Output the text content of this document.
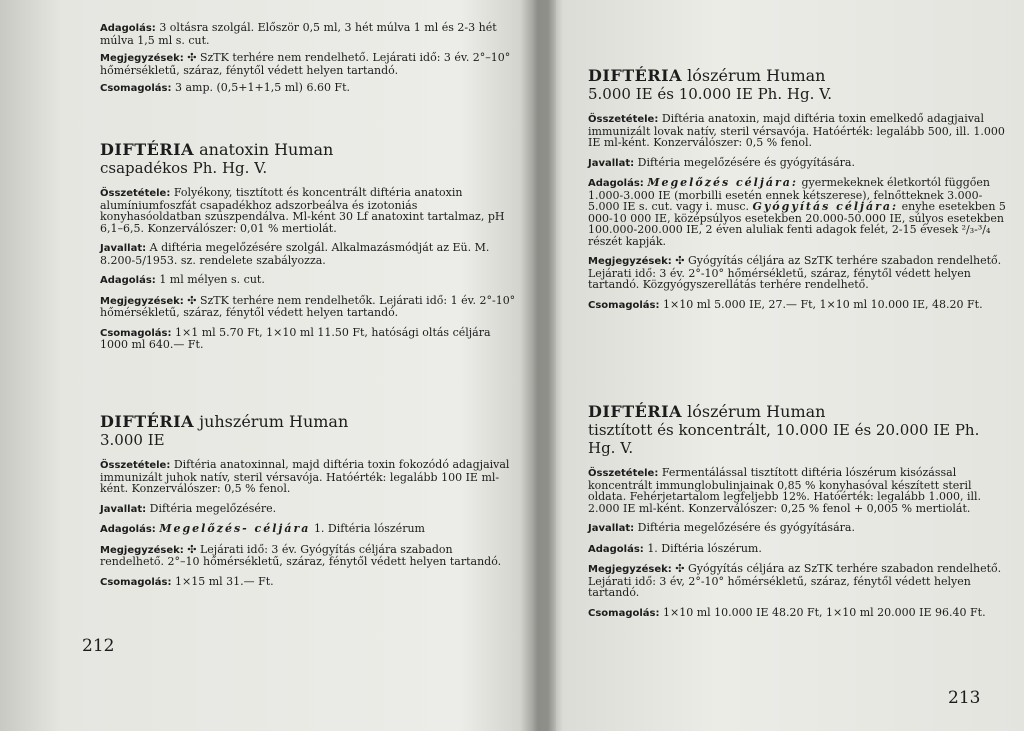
Adagolás: 3 oltásra szolgál. Először 0,5 ml, 3 hét múlva 1 ml és 2-3 hét múlva 1,5 ml s. cut.
Megjegyzések: ✣ SzTK terhére nem rendelhető. Lejárati idő: 3 év. 2°–10° hőmérsékletű, száraz, fénytől védett helyen tartandó.
Csomagolás: 3 amp. (0,5+1+1,5 ml) 6.60 Ft.
DIFTÉRIA anatoxin Human
csapadékos Ph. Hg. V.
Összetétele: Folyékony, tisztított és koncentrált diftéria anatoxin alumíniumfoszfát csapadékhoz adszorbeálva és izotoniás konyhasóoldatban szuszpendálva. Ml-ként 30 Lf anatoxint tartalmaz, pH 6,1–6,5. Konzerválószer: 0,01 % mertiolát.
Javallat: A diftéria megelőzésére szolgál. Alkalmazásmódját az Eü. M. 8.200-5/1953. sz. rendelete szabályozza.
Adagolás: 1 ml mélyen s. cut.
Megjegyzések: ✣ SzTK terhére nem rendelhetők. Lejárati idő: 1 év. 2°-10° hőmérsékletű, száraz, fénytől védett helyen tartandó.
Csomagolás: 1×1 ml 5.70 Ft, 1×10 ml 11.50 Ft, hatósági oltás céljára 1000 ml 640.— Ft.
DIFTÉRIA juhszérum Human
3.000 IE
Összetétele: Diftéria anatoxinnal, majd diftéria toxin fokozódó adagjaival immunizált juhok natív, steril vérsavója. Hatóérték: legalább 100 IE ml-ként. Konzerválószer: 0,5 % fenol.
Javallat: Diftéria megelőzésére.
Adagolás: Megelőzés- céljára 1. Diftéria lószérum
Megjegyzések: ✣ Lejárati idő: 3 év. Gyógyítás céljára szabadon rendelhető. 2°–10 hőmérsékletű, száraz, fénytől védett helyen tartandó.
Csomagolás: 1×15 ml 31.— Ft.
212
DIFTÉRIA lószérum Human
5.000 IE és 10.000 IE Ph. Hg. V.
Összetétele: Diftéria anatoxin, majd diftéria toxin emelkedő adagjaival immunizált lovak natív, steril vérsavója. Hatóérték: legalább 500, ill. 1.000 IE ml-ként. Konzerválószer: 0,5 % fenol.
Javallat: Diftéria megelőzésére és gyógyítására.
Adagolás: Megelőzés céljára: gyermekeknek életkortól függően 1.000-3.000 IE (morbilli esetén ennek kétszerese), felnőtteknek 3.000-5.000 IE s. cut. vagy i. musc. Gyógyítás céljára: enyhe esetekben 5 000-10 000 IE, középsúlyos esetekben 20.000-50.000 IE, súlyos esetekben 100.000-200.000 IE, 2 éven aluliak fenti adagok felét, 2-15 évesek ²/₃-³/₄ részét kapják.
Megjegyzések: ✣ Gyógyítás céljára az SzTK terhére szabadon rendelhető. Lejárati idő: 3 év. 2°-10° hőmérsékletű, száraz, fénytől védett helyen tartandó. Közgyógyszerellátás terhére rendelhető.
Csomagolás: 1×10 ml 5.000 IE, 27.— Ft, 1×10 ml 10.000 IE, 48.20 Ft.
DIFTÉRIA lószérum Human
tisztított és koncentrált, 10.000 IE és 20.000 IE Ph. Hg. V.
Összetétele: Fermentálással tisztított diftéria lószérum kisózással koncentrált immunglobulinjainak 0,85 % konyhasóval készített steril oldata. Fehérjetartalom legfeljebb 12%. Hatóérték: legalább 1.000, ill. 2.000 IE ml-ként. Konzerválószer: 0,25 % fenol + 0,005 % mertiolát.
Javallat: Diftéria megelőzésére és gyógyítására.
Adagolás: 1. Diftéria lószérum.
Megjegyzések: ✣ Gyógyítás céljára az SzTK terhére szabadon rendelhető. Lejárati idő: 3 év, 2°-10° hőmérsékletű, száraz, fénytől védett helyen tartandó.
Csomagolás: 1×10 ml 10.000 IE 48.20 Ft, 1×10 ml 20.000 IE 96.40 Ft.
213
